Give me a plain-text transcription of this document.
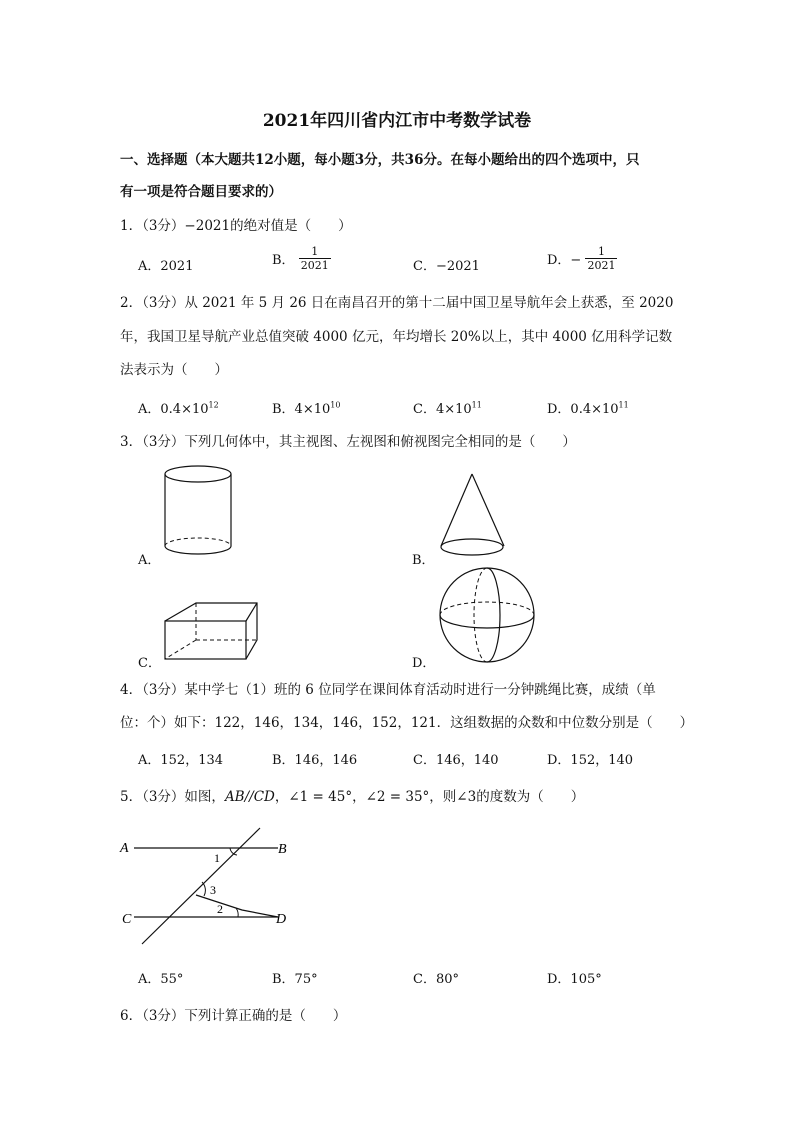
2021年四川省内江市中考数学试卷
一、选择题（本大题共12小题，每小题3分，共36分。在每小题给出的四个选项中，只
有一项是符合题目要求的）
1．（3分）−2021的绝对值是（　　）
A．2021	B． $\frac{1}{2021}$	C．−2021	D．− $\frac{1}{2021}$
2．（3分）从 2021 年 5 月 26 日在南昌召开的第十二届中国卫星导航年会上获悉，至 2020
年，我国卫星导航产业总值突破 4000 亿元，年均增长 20%以上，其中 4000 亿用科学记数
法表示为（　　）
A．$0.4\times 10^{12}$	B．$4\times 10^{10}$	C．$4\times 10^{11}$	D．$0.4\times 10^{11}$
3．（3分）下列几何体中，其主视图、左视图和俯视图完全相同的是（　　）
A．	B．
C．	D．
4．（3分）某中学七（1）班的 6 位同学在课间体育活动时进行一分钟跳绳比赛，成绩（单
位：个）如下：122，146，134，146，152，121．这组数据的众数和中位数分别是（　　）
A．152，134	B．146，146	C．146，140	D．152，140
5．（3分）如图，AB//CD，∠1 = 45°，∠2 = 35°，则∠3的度数为（　　）
A	B
C	D
1
3
2
A．55°	B．75°	C．80°	D．105°
6．（3分）下列计算正确的是（　　）
